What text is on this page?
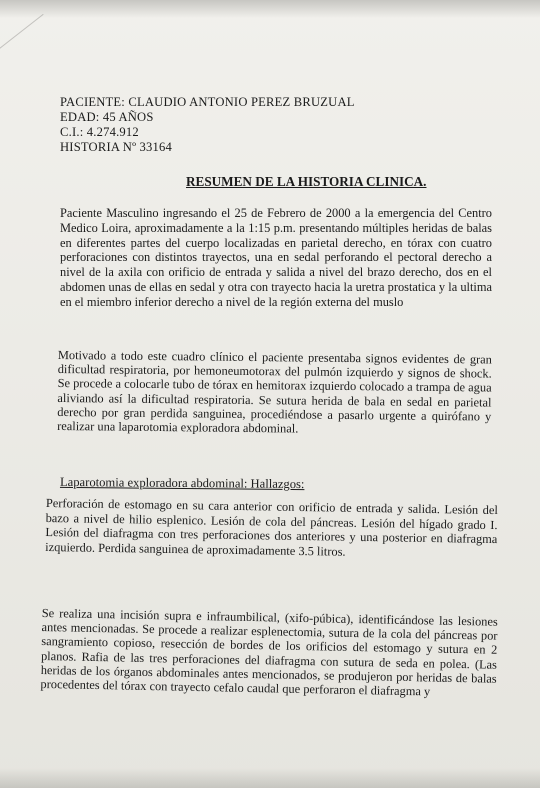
PACIENTE: CLAUDIO ANTONIO PEREZ BRUZUAL
EDAD: 45 AÑOS
C.I.: 4.274.912
HISTORIA Nº 33164
RESUMEN DE LA HISTORIA CLINICA.
Paciente Masculino ingresando el 25 de Febrero de 2000 a la emergencia del Centro Medico Loira, aproximadamente a la 1:15 p.m. presentando múltiples heridas de balas en diferentes partes del cuerpo localizadas en parietal derecho, en tórax con cuatro perforaciones con distintos trayectos, una en sedal perforando el pectoral derecho a nivel de la axila con orificio de entrada y salida a nivel del brazo derecho, dos en el abdomen unas de ellas en sedal y otra con trayecto hacia la uretra prostatica y la ultima en el miembro inferior derecho a nivel de la región externa del muslo
Motivado a todo este cuadro clínico el paciente presentaba signos evidentes de gran dificultad respiratoria, por hemoneumotorax del pulmón izquierdo y signos de shock. Se procede a colocarle tubo de tórax en hemitorax izquierdo colocado a trampa de agua aliviando así la dificultad respiratoria. Se sutura herida de bala en sedal en parietal derecho por gran perdida sanguinea, procediéndose a pasarlo urgente a quirófano y realizar una laparotomia exploradora abdominal.
Laparotomia exploradora abdominal: Hallazgos:
Perforación de estomago en su cara anterior con orificio de entrada y salida. Lesión del bazo a nivel de hilio esplenico. Lesión de cola del páncreas. Lesión del hígado grado I. Lesión del diafragma con tres perforaciones dos anteriores y una posterior en diafragma izquierdo. Perdida sanguinea de aproximadamente 3.5 litros.
Se realiza una incisión supra e infraumbilical, (xifo-púbica), identificándose las lesiones antes mencionadas. Se procede a realizar esplenectomia, sutura de la cola del páncreas por sangramiento copioso, resección de bordes de los orificios del estomago y sutura en 2 planos. Rafia de las tres perforaciones del diafragma con sutura de seda en polea. (Las heridas de los órganos abdominales antes mencionados, se produjeron por heridas de balas procedentes del tórax con trayecto cefalo caudal que perforaron el diafragma y
